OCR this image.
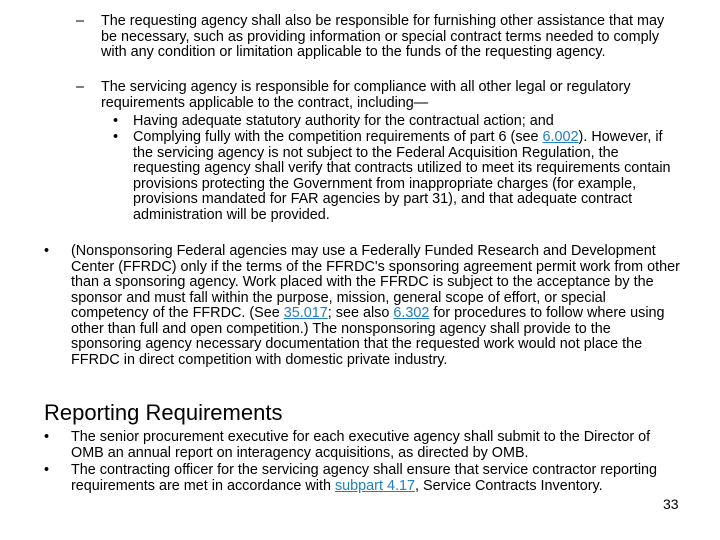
– The requesting agency shall also be responsible for furnishing other assistance that may be necessary, such as providing information or special contract terms needed to comply with any condition or limitation applicable to the funds of the requesting agency.

– The servicing agency is responsible for compliance with all other legal or regulatory requirements applicable to the contract, including—

• Having adequate statutory authority for the contractual action; and

• Complying fully with the competition requirements of part 6 (see 6.002). However, if the servicing agency is not subject to the Federal Acquisition Regulation, the requesting agency shall verify that contracts utilized to meet its requirements contain provisions protecting the Government from inappropriate charges (for example, provisions mandated for FAR agencies by part 31), and that adequate contract administration will be provided.

• (Nonsponsoring Federal agencies may use a Federally Funded Research and Development Center (FFRDC) only if the terms of the FFRDC's sponsoring agreement permit work from other than a sponsoring agency. Work placed with the FFRDC is subject to the acceptance by the sponsor and must fall within the purpose, mission, general scope of effort, or special competency of the FFRDC. (See 35.017; see also 6.302 for procedures to follow where using other than full and open competition.) The nonsponsoring agency shall provide to the sponsoring agency necessary documentation that the requested work would not place the FFRDC in direct competition with domestic private industry.

Reporting Requirements
• The senior procurement executive for each executive agency shall submit to the Director of OMB an annual report on interagency acquisitions, as directed by OMB.

• The contracting officer for the servicing agency shall ensure that service contractor reporting requirements are met in accordance with subpart 4.17, Service Contracts Inventory.

33
